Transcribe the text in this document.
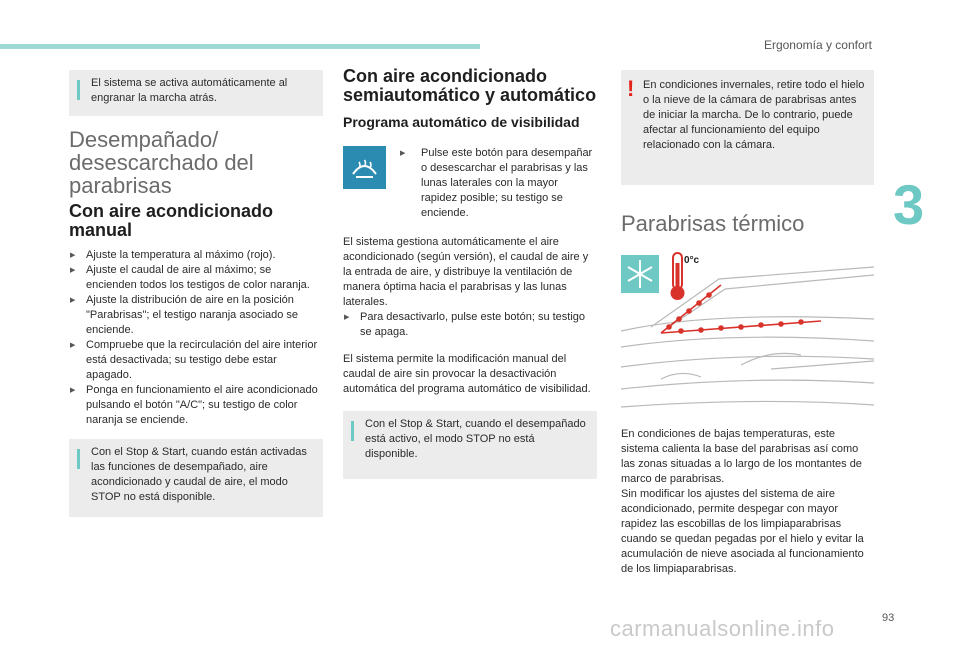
Ergonomía y confort
3

El sistema se activa automáticamente al engranar la marcha atrás.

Desempañado/ desescarchado del parabrisas
Con aire acondicionado manual
▶ Ajuste la temperatura al máximo (rojo).
▶ Ajuste el caudal de aire al máximo; se encienden todos los testigos de color naranja.
▶ Ajuste la distribución de aire en la posición "Parabrisas"; el testigo naranja asociado se enciende.
▶ Compruebe que la recirculación del aire interior está desactivada; su testigo debe estar apagado.
▶ Ponga en funcionamiento el aire acondicionado pulsando el botón "A/C"; su testigo de color naranja se enciende.

Con el Stop & Start, cuando están activadas las funciones de desempañado, aire acondicionado y caudal de aire, el modo STOP no está disponible.

Con aire acondicionado semiautomático y automático
Programa automático de visibilidad
▶ Pulse este botón para desempañar o desescarchar el parabrisas y las lunas laterales con la mayor rapidez posible; su testigo se enciende.

El sistema gestiona automáticamente el aire acondicionado (según versión), el caudal de aire y la entrada de aire, y distribuye la ventilación de manera óptima hacia el parabrisas y las lunas laterales.

▶ Para desactivarlo, pulse este botón; su testigo se apaga.

El sistema permite la modificación manual del caudal de aire sin provocar la desactivación automática del programa automático de visibilidad.

Con el Stop & Start, cuando el desempañado está activo, el modo STOP no está disponible.

! En condiciones invernales, retire todo el hielo o la nieve de la cámara de parabrisas antes de iniciar la marcha. De lo contrario, puede afectar al funcionamiento del equipo relacionado con la cámara.

Parabrisas térmico
0°c

En condiciones de bajas temperaturas, este sistema calienta la base del parabrisas así como las zonas situadas a lo largo de los montantes de marco de parabrisas.

Sin modificar los ajustes del sistema de aire acondicionado, permite despegar con mayor rapidez las escobillas de los limpiaparabrisas cuando se quedan pegadas por el hielo y evitar la acumulación de nieve asociada al funcionamiento de los limpiaparabrisas.

93
carmanualsonline.info
